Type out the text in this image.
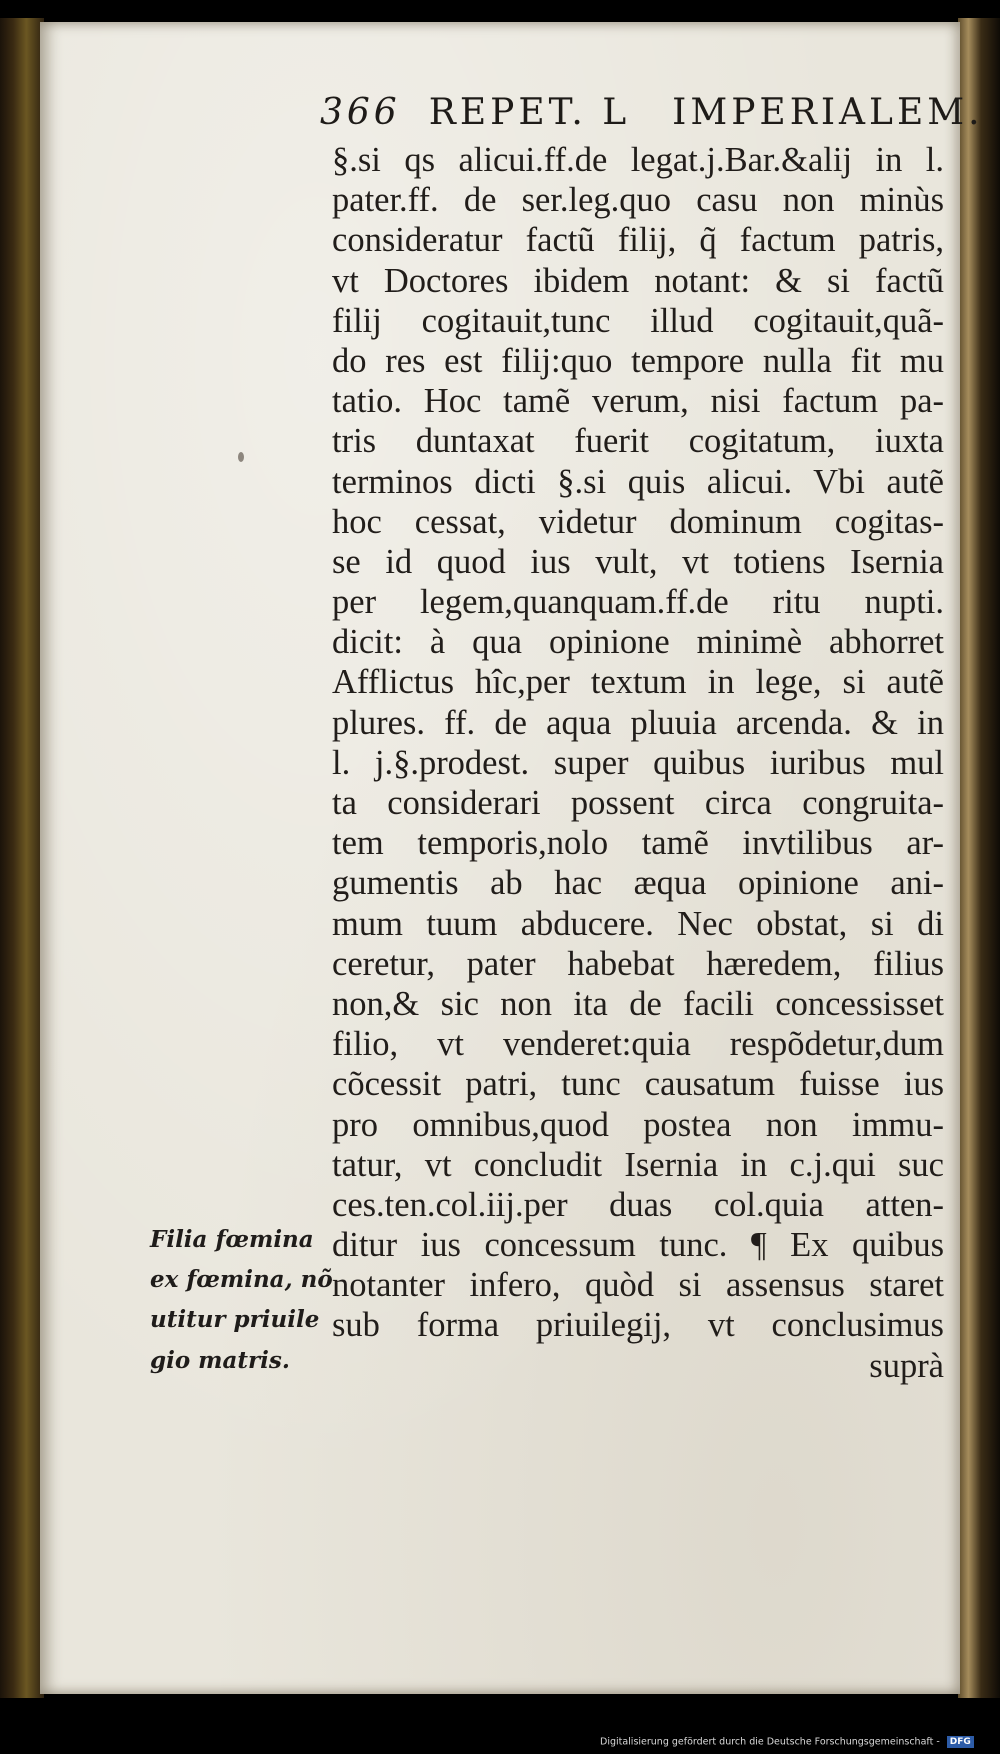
366 REPET. L IMPERIALEM.
§.si qs alicui.ff.de legat.j.Bar.&alij in l.
pater.ff. de ser.leg.quo casu non minùs
consideratur factũ filij, q̃ factum patris,
vt Doctores ibidem notant: & si factũ
filij cogitauit,tunc illud cogitauit,quã-
do res est filij:quo tempore nulla fit mu
tatio. Hoc tamẽ verum, nisi factum pa-
tris duntaxat fuerit cogitatum, iuxta
terminos dicti §.si quis alicui. Vbi autẽ
hoc cessat, videtur dominum cogitas-
se id quod ius vult, vt totiens Isernia
per legem,quanquam.ff.de ritu nupti.
dicit: à qua opinione minimè abhorret
Afflictus hîc,per textum in lege, si autẽ
plures. ff. de aqua pluuia arcenda. & in
l. j.§.prodest. super quibus iuribus mul
ta considerari possent circa congruita-
tem temporis,nolo tamẽ invtilibus ar-
gumentis ab hac æqua opinione ani-
mum tuum abducere. Nec obstat, si di
ceretur, pater habebat hæredem, filius
non,& sic non ita de facili concessisset
filio, vt venderet:quia respõdetur,dum
cõcessit patri, tunc causatum fuisse ius
pro omnibus,quod postea non immu-
tatur, vt concludit Isernia in c.j.qui suc
ces.ten.col.iij.per duas col.quia atten-
ditur ius concessum tunc. ¶ Ex quibus
notanter infero, quòd si assensus staret
sub forma priuilegij, vt conclusimus
suprà
Filia fœmina
ex fœmina, nõ
utitur priuile
gio matris.
Digitalisierung gefördert durch die Deutsche Forschungsgemeinschaft - DFG
